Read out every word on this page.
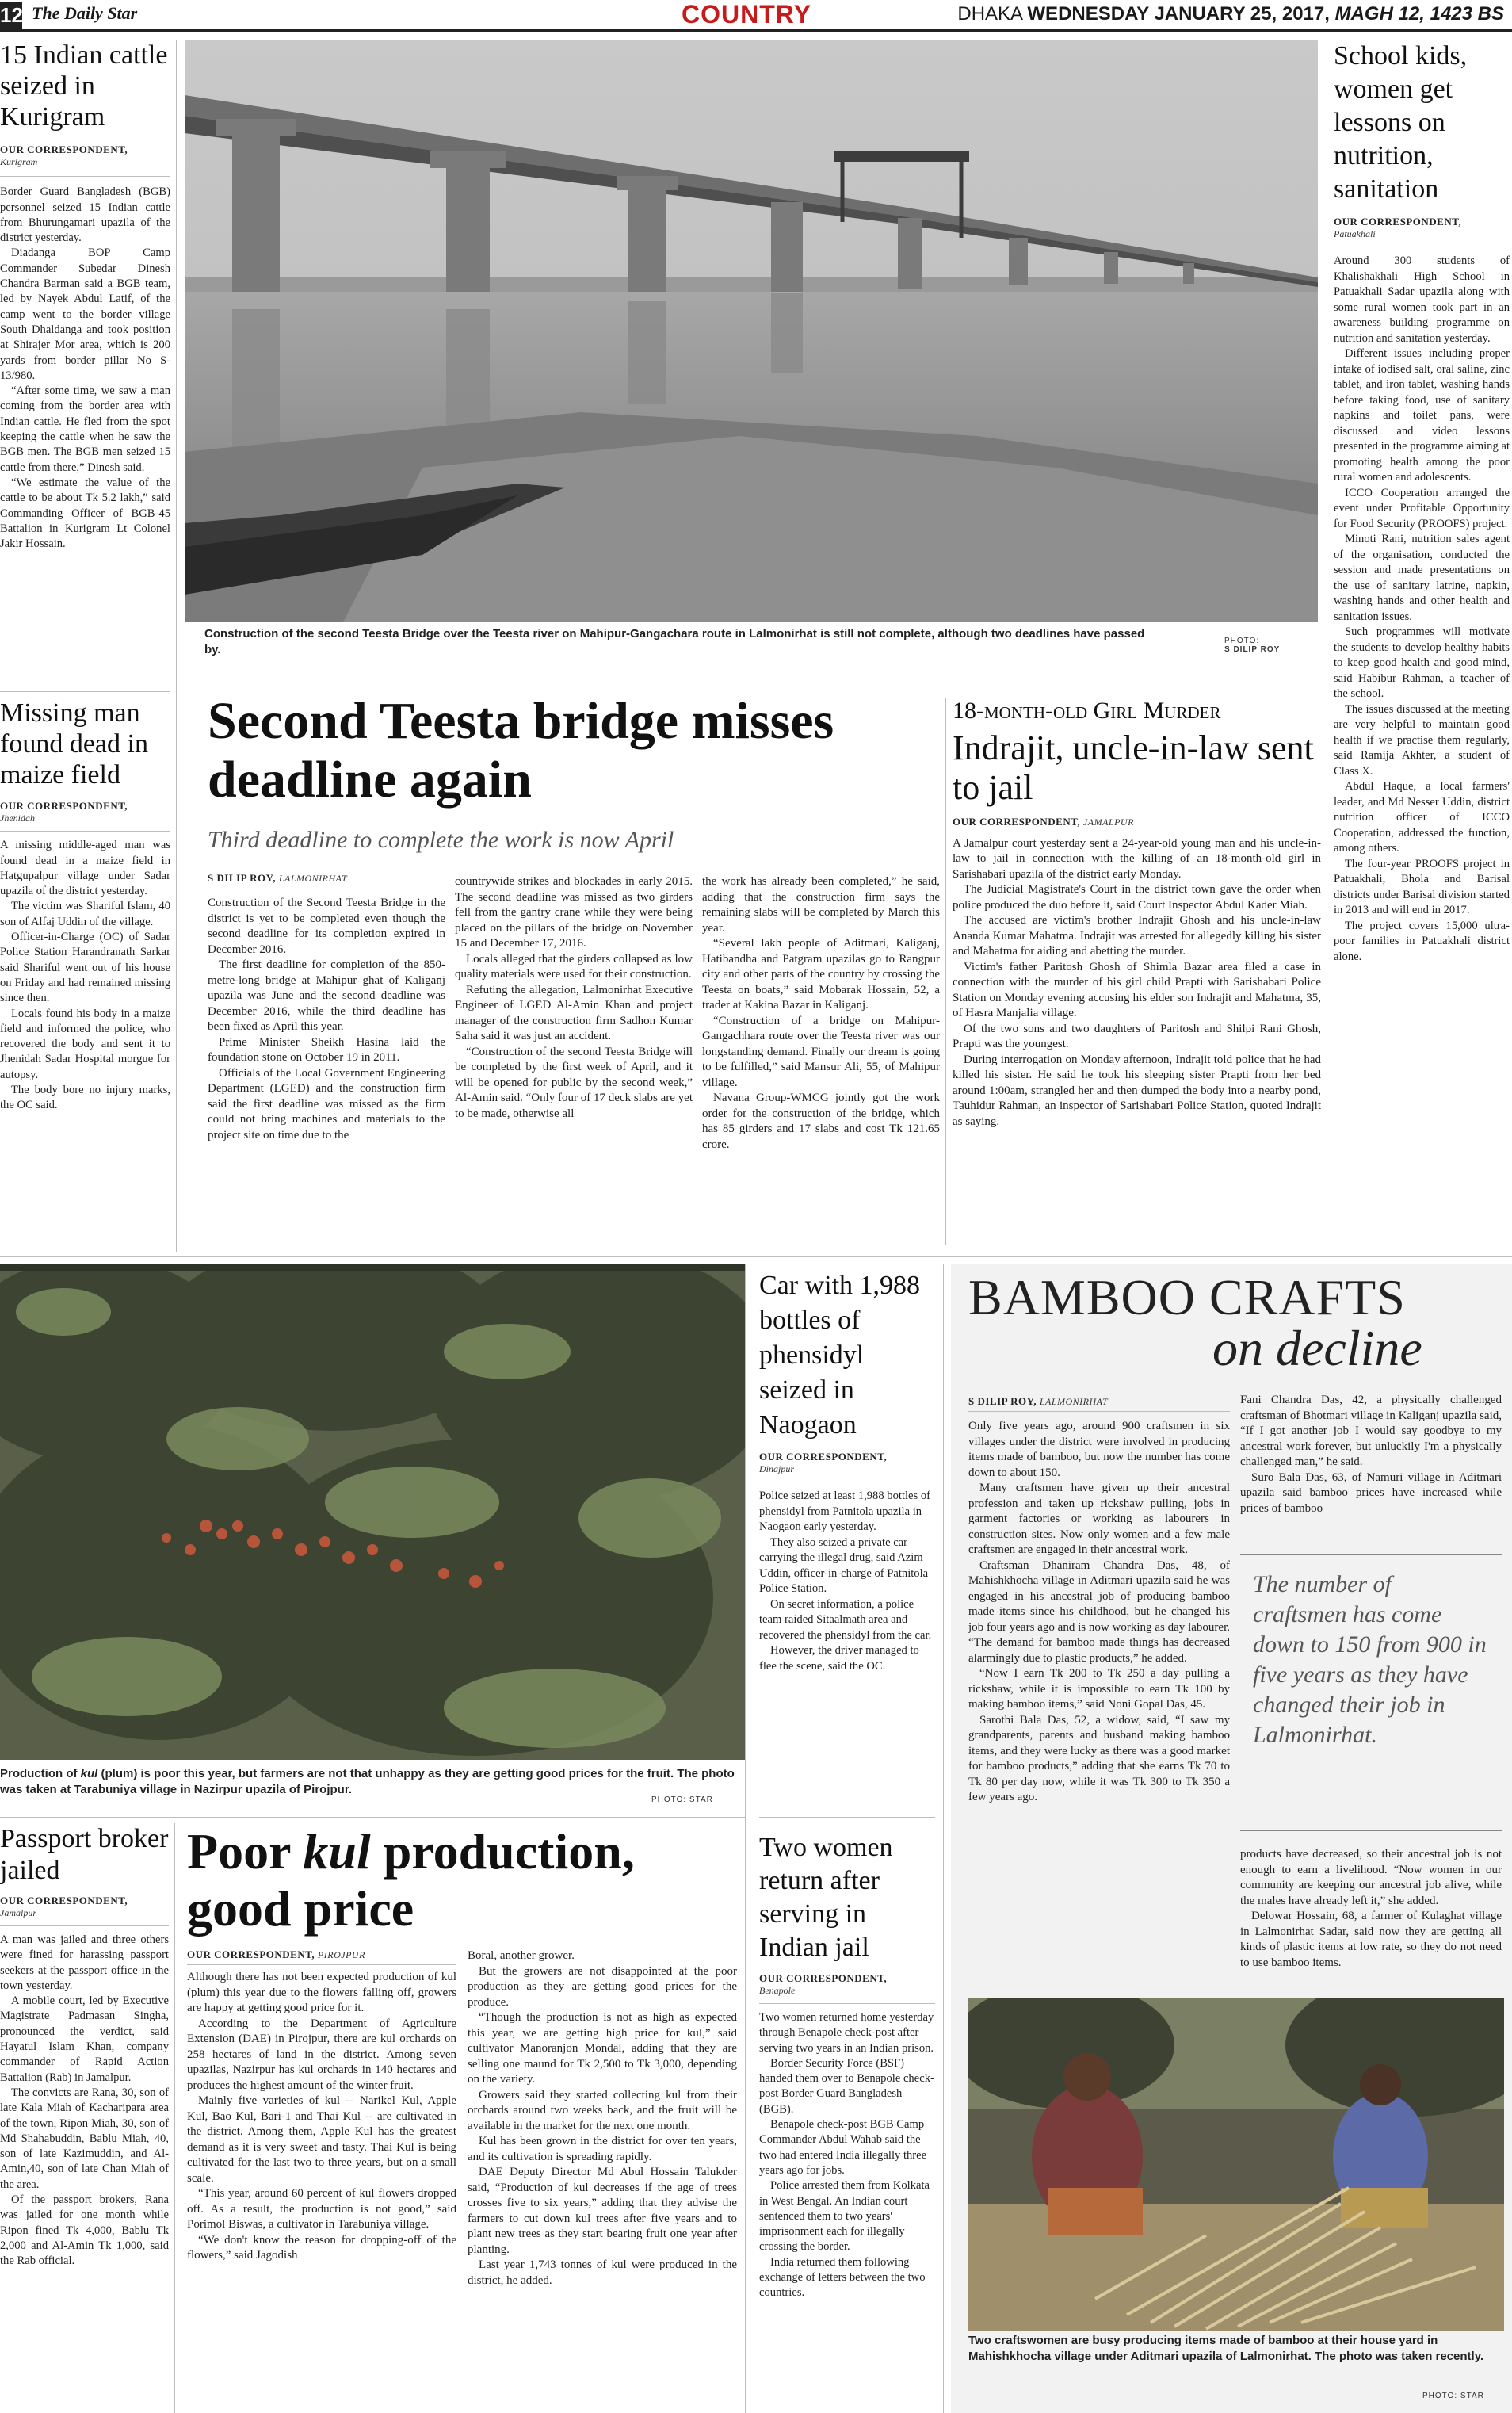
12 The Daily Star	COUNTRY	DHAKA WEDNESDAY JANUARY 25, 2017, MAGH 12, 1423 BS
15 Indian cattle seized in Kurigram
OUR CORRESPONDENT,
Kurigram

Border Guard Bangladesh (BGB) personnel seized 15 Indian cattle from Bhurungamari upazila of the district yesterday.

Diadanga BOP Camp Commander Subedar Dinesh Chandra Barman said a BGB team, led by Nayek Abdul Latif, of the camp went to the border village South Dhaldanga and took position at Shirajer Mor area, which is 200 yards from border pillar No S-13/980.

“After some time, we saw a man coming from the border area with Indian cattle. He fled from the spot keeping the cattle when he saw the BGB men. The BGB men seized 15 cattle from there,” Dinesh said.

“We estimate the value of the cattle to be about Tk 5.2 lakh,” said Commanding Officer of BGB-45 Battalion in Kurigram Lt Colonel Jakir Hossain.

Missing man found dead in maize field
OUR CORRESPONDENT,
Jhenidah

A missing middle-aged man was found dead in a maize field in Hatgupalpur village under Sadar upazila of the district yesterday.

The victim was Shariful Islam, 40 son of Alfaj Uddin of the village.

Officer-in-Charge (OC) of Sadar Police Station Harandranath Sarkar said Shariful went out of his house on Friday and had remained missing since then.

Locals found his body in a maize field and informed the police, who recovered the body and sent it to Jhenidah Sadar Hospital morgue for autopsy.

The body bore no injury marks, the OC said.

Construction of the second Teesta Bridge over the Teesta river on Mahipur-Gangachara route in Lalmonirhat is still not complete, although two deadlines have passed by.
PHOTO:
S DILIP ROY
Second Teesta bridge misses deadline again
Third deadline to complete the work is now April
S DILIP ROY, LALMONIRHAT

Construction of the Second Teesta Bridge in the district is yet to be completed even though the second deadline for its completion expired in December 2016.

The first deadline for completion of the 850-metre-long bridge at Mahipur ghat of Kaliganj upazila was June and the second deadline was December 2016, while the third deadline has been fixed as April this year.

Prime Minister Sheikh Hasina laid the foundation stone on October 19 in 2011.

Officials of the Local Government Engineering Department (LGED) and the construction firm said the first deadline was missed as the firm could not bring machines and materials to the project site on time due to the

countrywide strikes and blockades in early 2015. The second deadline was missed as two girders fell from the gantry crane while they were being placed on the pillars of the bridge on November 15 and December 17, 2016.

Locals alleged that the girders collapsed as low quality materials were used for their construction.

Refuting the allegation, Lalmonirhat Executive Engineer of LGED Al-Amin Khan and project manager of the construction firm Sadhon Kumar Saha said it was just an accident.

“Construction of the second Teesta Bridge will be completed by the first week of April, and it will be opened for public by the second week,” Al-Amin said. “Only four of 17 deck slabs are yet to be made, otherwise all

the work has already been completed,” he said, adding that the construction firm says the remaining slabs will be completed by March this year.

“Several lakh people of Aditmari, Kaliganj, Hatibandha and Patgram upazilas go to Rangpur city and other parts of the country by crossing the Teesta on boats,” said Mobarak Hossain, 52, a trader at Kakina Bazar in Kaliganj.

“Construction of a bridge on Mahipur-Gangachhara route over the Teesta river was our longstanding demand. Finally our dream is going to be fulfilled,” said Mansur Ali, 55, of Mahipur village.

Navana Group-WMCG jointly got the work order for the construction of the bridge, which has 85 girders and 17 slabs and cost Tk 121.65 crore.

18-month-old Girl Murder
Indrajit, uncle-in-law sent to jail
OUR CORRESPONDENT, JAMALPUR

A Jamalpur court yesterday sent a 24-year-old young man and his uncle-in-law to jail in connection with the killing of an 18-month-old girl in Sarishabari upazila of the district early Monday.

The Judicial Magistrate's Court in the district town gave the order when police produced the duo before it, said Court Inspector Abdul Kader Miah.

The accused are victim's brother Indrajit Ghosh and his uncle-in-law Ananda Kumar Mahatma. Indrajit was arrested for allegedly killing his sister and Mahatma for aiding and abetting the murder.

Victim's father Paritosh Ghosh of Shimla Bazar area filed a case in connection with the murder of his girl child Prapti with Sarishabari Police Station on Monday evening accusing his elder son Indrajit and Mahatma, 35, of Hasra Manjalia village.

Of the two sons and two daughters of Paritosh and Shilpi Rani Ghosh, Prapti was the youngest.

During interrogation on Monday afternoon, Indrajit told police that he had killed his sister. He said he took his sleeping sister Prapti from her bed around 1:00am, strangled her and then dumped the body into a nearby pond, Tauhidur Rahman, an inspector of Sarishabari Police Station, quoted Indrajit as saying.

School kids, women get lessons on nutrition, sanitation
OUR CORRESPONDENT,
Patuakhali

Around 300 students of Khalishakhali High School in Patuakhali Sadar upazila along with some rural women took part in an awareness building programme on nutrition and sanitation yesterday.

Different issues including proper intake of iodised salt, oral saline, zinc tablet, and iron tablet, washing hands before taking food, use of sanitary napkins and toilet pans, were discussed and video lessons presented in the programme aiming at promoting health among the poor rural women and adolescents.

ICCO Cooperation arranged the event under Profitable Opportunity for Food Security (PROOFS) project.

Minoti Rani, nutrition sales agent of the organisation, conducted the session and made presentations on the use of sanitary latrine, napkin, washing hands and other health and sanitation issues.

Such programmes will motivate the students to develop healthy habits to keep good health and good mind, said Habibur Rahman, a teacher of the school.

The issues discussed at the meeting are very helpful to maintain good health if we practise them regularly, said Ramija Akhter, a student of Class X.

Abdul Haque, a local farmers' leader, and Md Nesser Uddin, district nutrition officer of ICCO Cooperation, addressed the function, among others.

The four-year PROOFS project in Patuakhali, Bhola and Barisal districts under Barisal division started in 2013 and will end in 2017.

The project covers 15,000 ultra-poor families in Patuakhali district alone.

Production of kul (plum) is poor this year, but farmers are not that unhappy as they are getting good prices for the fruit. The photo was taken at Tarabuniya village in Nazirpur upazila of Pirojpur.
PHOTO: STAR
Passport broker jailed
OUR CORRESPONDENT,
Jamalpur

A man was jailed and three others were fined for harassing passport seekers at the passport office in the town yesterday.

A mobile court, led by Executive Magistrate Padmasan Singha, pronounced the verdict, said Hayatul Islam Khan, company commander of Rapid Action Battalion (Rab) in Jamalpur.

The convicts are Rana, 30, son of late Kala Miah of Kacharipara area of the town, Ripon Miah, 30, son of Md Shahabuddin, Bablu Miah, 40, son of late Kazimuddin, and Al-Amin,40, son of late Chan Miah of the area.

Of the passport brokers, Rana was jailed for one month while Ripon fined Tk 4,000, Bablu Tk 2,000 and Al-Amin Tk 1,000, said the Rab official.

Poor kul production, good price
OUR CORRESPONDENT, PIROJPUR

Although there has not been expected production of kul (plum) this year due to the flowers falling off, growers are happy at getting good price for it.

According to the Department of Agriculture Extension (DAE) in Pirojpur, there are kul orchards on 258 hectares of land in the district. Among seven upazilas, Nazirpur has kul orchards in 140 hectares and produces the highest amount of the winter fruit.

Mainly five varieties of kul -- Narikel Kul, Apple Kul, Bao Kul, Bari-1 and Thai Kul -- are cultivated in the district. Among them, Apple Kul has the greatest demand as it is very sweet and tasty. Thai Kul is being cultivated for the last two to three years, but on a small scale.

“This year, around 60 percent of kul flowers dropped off. As a result, the production is not good,” said Porimol Biswas, a cultivator in Tarabuniya village.

“We don't know the reason for dropping-off of the flowers,” said Jagodish

Boral, another grower.

But the growers are not disappointed at the poor production as they are getting good prices for the produce.

“Though the production is not as high as expected this year, we are getting high price for kul,” said cultivator Manoranjon Mondal, adding that they are selling one maund for Tk 2,500 to Tk 3,000, depending on the variety.

Growers said they started collecting kul from their orchards around two weeks back, and the fruit will be available in the market for the next one month.

Kul has been grown in the district for over ten years, and its cultivation is spreading rapidly.

DAE Deputy Director Md Abul Hossain Talukder said, “Production of kul decreases if the age of trees crosses five to six years,” adding that they advise the farmers to cut down kul trees after five years and to plant new trees as they start bearing fruit one year after planting.

Last year 1,743 tonnes of kul were produced in the district, he added.

Car with 1,988 bottles of phensidyl seized in Naogaon
OUR CORRESPONDENT,
Dinajpur

Police seized at least 1,988 bottles of phensidyl from Patnitola upazila in Naogaon early yesterday.

They also seized a private car carrying the illegal drug, said Azim Uddin, officer-in-charge of Patnitola Police Station.

On secret information, a police team raided Sitaalmath area and recovered the phensidyl from the car.

However, the driver managed to flee the scene, said the OC.

Two women return after serving in Indian jail
OUR CORRESPONDENT,
Benapole

Two women returned home yesterday through Benapole check-post after serving two years in an Indian prison.

Border Security Force (BSF) handed them over to Benapole check-post Border Guard Bangladesh (BGB).

Benapole check-post BGB Camp Commander Abdul Wahab said the two had entered India illegally three years ago for jobs.

Police arrested them from Kolkata in West Bengal. An Indian court sentenced them to two years' imprisonment each for illegally crossing the border.

India returned them following exchange of letters between the two countries.

BAMBOO CRAFTS
on decline
S DILIP ROY, LALMONIRHAT

Only five years ago, around 900 craftsmen in six villages under the district were involved in producing items made of bamboo, but now the number has come down to about 150.

Many craftsmen have given up their ancestral profession and taken up rickshaw pulling, jobs in garment factories or working as labourers in construction sites. Now only women and a few male craftsmen are engaged in their ancestral work.

Craftsman Dhaniram Chandra Das, 48, of Mahishkhocha village in Aditmari upazila said he was engaged in his ancestral job of producing bamboo made items since his childhood, but he changed his job four years ago and is now working as day labourer. “The demand for bamboo made things has decreased alarmingly due to plastic products,” he added.

“Now I earn Tk 200 to Tk 250 a day pulling a rickshaw, while it is impossible to earn Tk 100 by making bamboo items,” said Noni Gopal Das, 45.

Sarothi Bala Das, 52, a widow, said, “I saw my grandparents, parents and husband making bamboo items, and they were lucky as there was a good market for bamboo products,” adding that she earns Tk 70 to Tk 80 per day now, while it was Tk 300 to Tk 350 a few years ago.

Fani Chandra Das, 42, a physically challenged craftsman of Bhotmari village in Kaliganj upazila said, “If I got another job I would say goodbye to my ancestral work forever, but unluckily I'm a physically challenged man,” he said.

Suro Bala Das, 63, of Namuri village in Aditmari upazila said bamboo prices have increased while prices of bamboo

The number of craftsmen has come down to 150 from 900 in five years as they have changed their job in Lalmonirhat.

products have decreased, so their ancestral job is not enough to earn a livelihood. “Now women in our community are keeping our ancestral job alive, while the males have already left it,” she added.

Delowar Hossain, 68, a farmer of Kulaghat village in Lalmonirhat Sadar, said now they are getting all kinds of plastic items at low rate, so they do not need to use bamboo items.

Two craftswomen are busy producing items made of bamboo at their house yard in Mahishkhocha village under Aditmari upazila of Lalmonirhat. The photo was taken recently.
PHOTO: STAR
